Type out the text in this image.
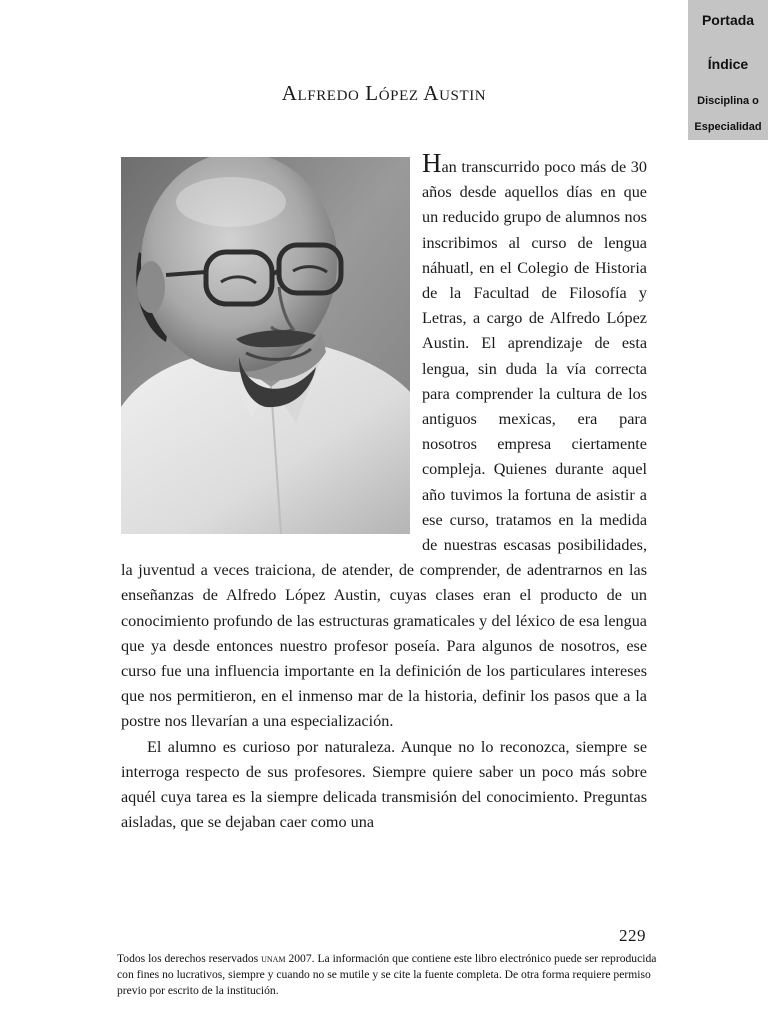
Portada
Índice
Disciplina o
Especialidad
Alfredo López Austin

Han transcurrido poco más de 30 años desde aquellos días en que un reducido grupo de alumnos nos inscribimos al curso de lengua náhuatl, en el Colegio de Historia de la Facultad de Filosofía y Letras, a cargo de Alfredo López Austin. El aprendizaje de esta lengua, sin duda la vía correcta para comprender la cultura de los antiguos mexicas, era para nosotros empresa ciertamente compleja. Quienes durante aquel año tuvimos la fortuna de asistir a ese curso, tratamos en la medida de nuestras escasas posibilidades, la juventud a veces traiciona, de atender, de comprender, de adentrarnos en las enseñanzas de Alfredo López Austin, cuyas clases eran el producto de un conocimiento profundo de las estructuras gramaticales y del léxico de esa lengua que ya desde entonces nuestro profesor poseía. Para algunos de nosotros, ese curso fue una influencia importante en la definición de los particulares intereses que nos permitieron, en el inmenso mar de la historia, definir los pasos que a la postre nos llevarían a una especialización.

El alumno es curioso por naturaleza. Aunque no lo reconozca, siempre se interroga respecto de sus profesores. Siempre quiere saber un poco más sobre aquél cuya tarea es la siempre delicada transmisión del conocimiento. Preguntas aisladas, que se dejaban caer como una

229
Todos los derechos reservados unam 2007. La información que contiene este libro electrónico puede ser reproducida con fines no lucrativos, siempre y cuando no se mutile y se cite la fuente completa. De otra forma requiere permiso previo por escrito de la institución.
